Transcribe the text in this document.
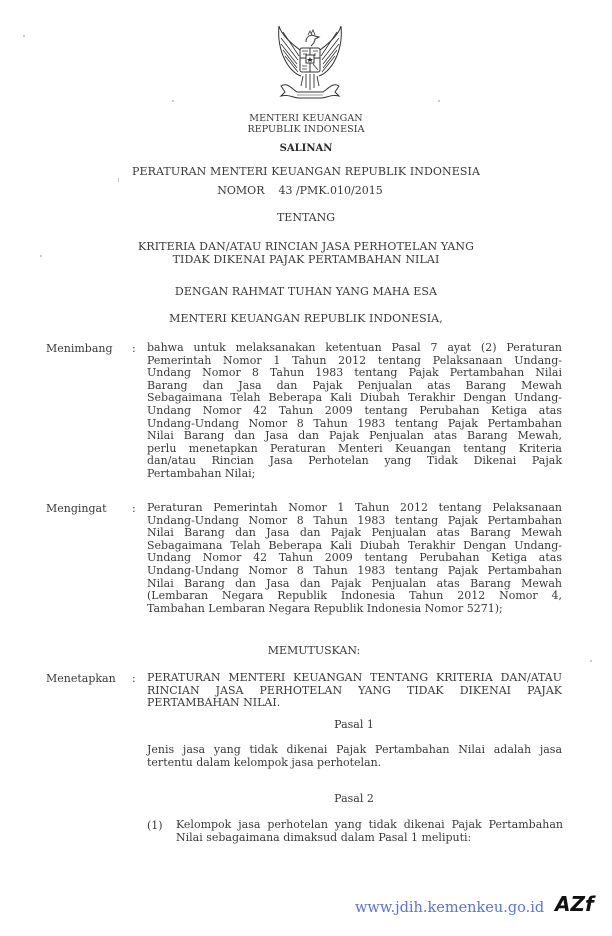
MENTERI KEUANGAN
REPUBLIK INDONESIA
SALINAN
PERATURAN MENTERI KEUANGAN REPUBLIK INDONESIA
NOMOR    43 /PMK.010/2015
TENTANG
KRITERIA DAN/ATAU RINCIAN JASA PERHOTELAN YANG
TIDAK DIKENAI PAJAK PERTAMBAHAN NILAI
DENGAN RAHMAT TUHAN YANG MAHA ESA
MENTERI KEUANGAN REPUBLIK INDONESIA,
Menimbang : bahwa untuk melaksanakan ketentuan Pasal 7 ayat (2) Peraturan
Pemerintah Nomor 1 Tahun 2012 tentang Pelaksanaan Undang-
Undang Nomor 8 Tahun 1983 tentang Pajak Pertambahan Nilai
Barang dan Jasa dan Pajak Penjualan atas Barang Mewah
Sebagaimana Telah Beberapa Kali Diubah Terakhir Dengan Undang-
Undang Nomor 42 Tahun 2009 tentang Perubahan Ketiga atas
Undang-Undang Nomor 8 Tahun 1983 tentang Pajak Pertambahan
Nilai Barang dan Jasa dan Pajak Penjualan atas Barang Mewah,
perlu menetapkan Peraturan Menteri Keuangan tentang Kriteria
dan/atau Rincian Jasa Perhotelan yang Tidak Dikenai Pajak
Pertambahan Nilai;
Mengingat : Peraturan Pemerintah Nomor 1 Tahun 2012 tentang Pelaksanaan
Undang-Undang Nomor 8 Tahun 1983 tentang Pajak Pertambahan
Nilai Barang dan Jasa dan Pajak Penjualan atas Barang Mewah
Sebagaimana Telah Beberapa Kali Diubah Terakhir Dengan Undang-
Undang Nomor 42 Tahun 2009 tentang Perubahan Ketiga atas
Undang-Undang Nomor 8 Tahun 1983 tentang Pajak Pertambahan
Nilai Barang dan Jasa dan Pajak Penjualan atas Barang Mewah
(Lembaran Negara Republik Indonesia Tahun 2012 Nomor 4,
Tambahan Lembaran Negara Republik Indonesia Nomor 5271);
MEMUTUSKAN:
Menetapkan : PERATURAN MENTERI KEUANGAN TENTANG KRITERIA DAN/ATAU
RINCIAN JASA PERHOTELAN YANG TIDAK DIKENAI PAJAK
PERTAMBAHAN NILAI.
Pasal 1
Jenis jasa yang tidak dikenai Pajak Pertambahan Nilai adalah jasa
tertentu dalam kelompok jasa perhotelan.
Pasal 2
(1) Kelompok jasa perhotelan yang tidak dikenai Pajak Pertambahan
Nilai sebagaimana dimaksud dalam Pasal 1 meliputi:
www.jdih.kemenkeu.go.id AZf
